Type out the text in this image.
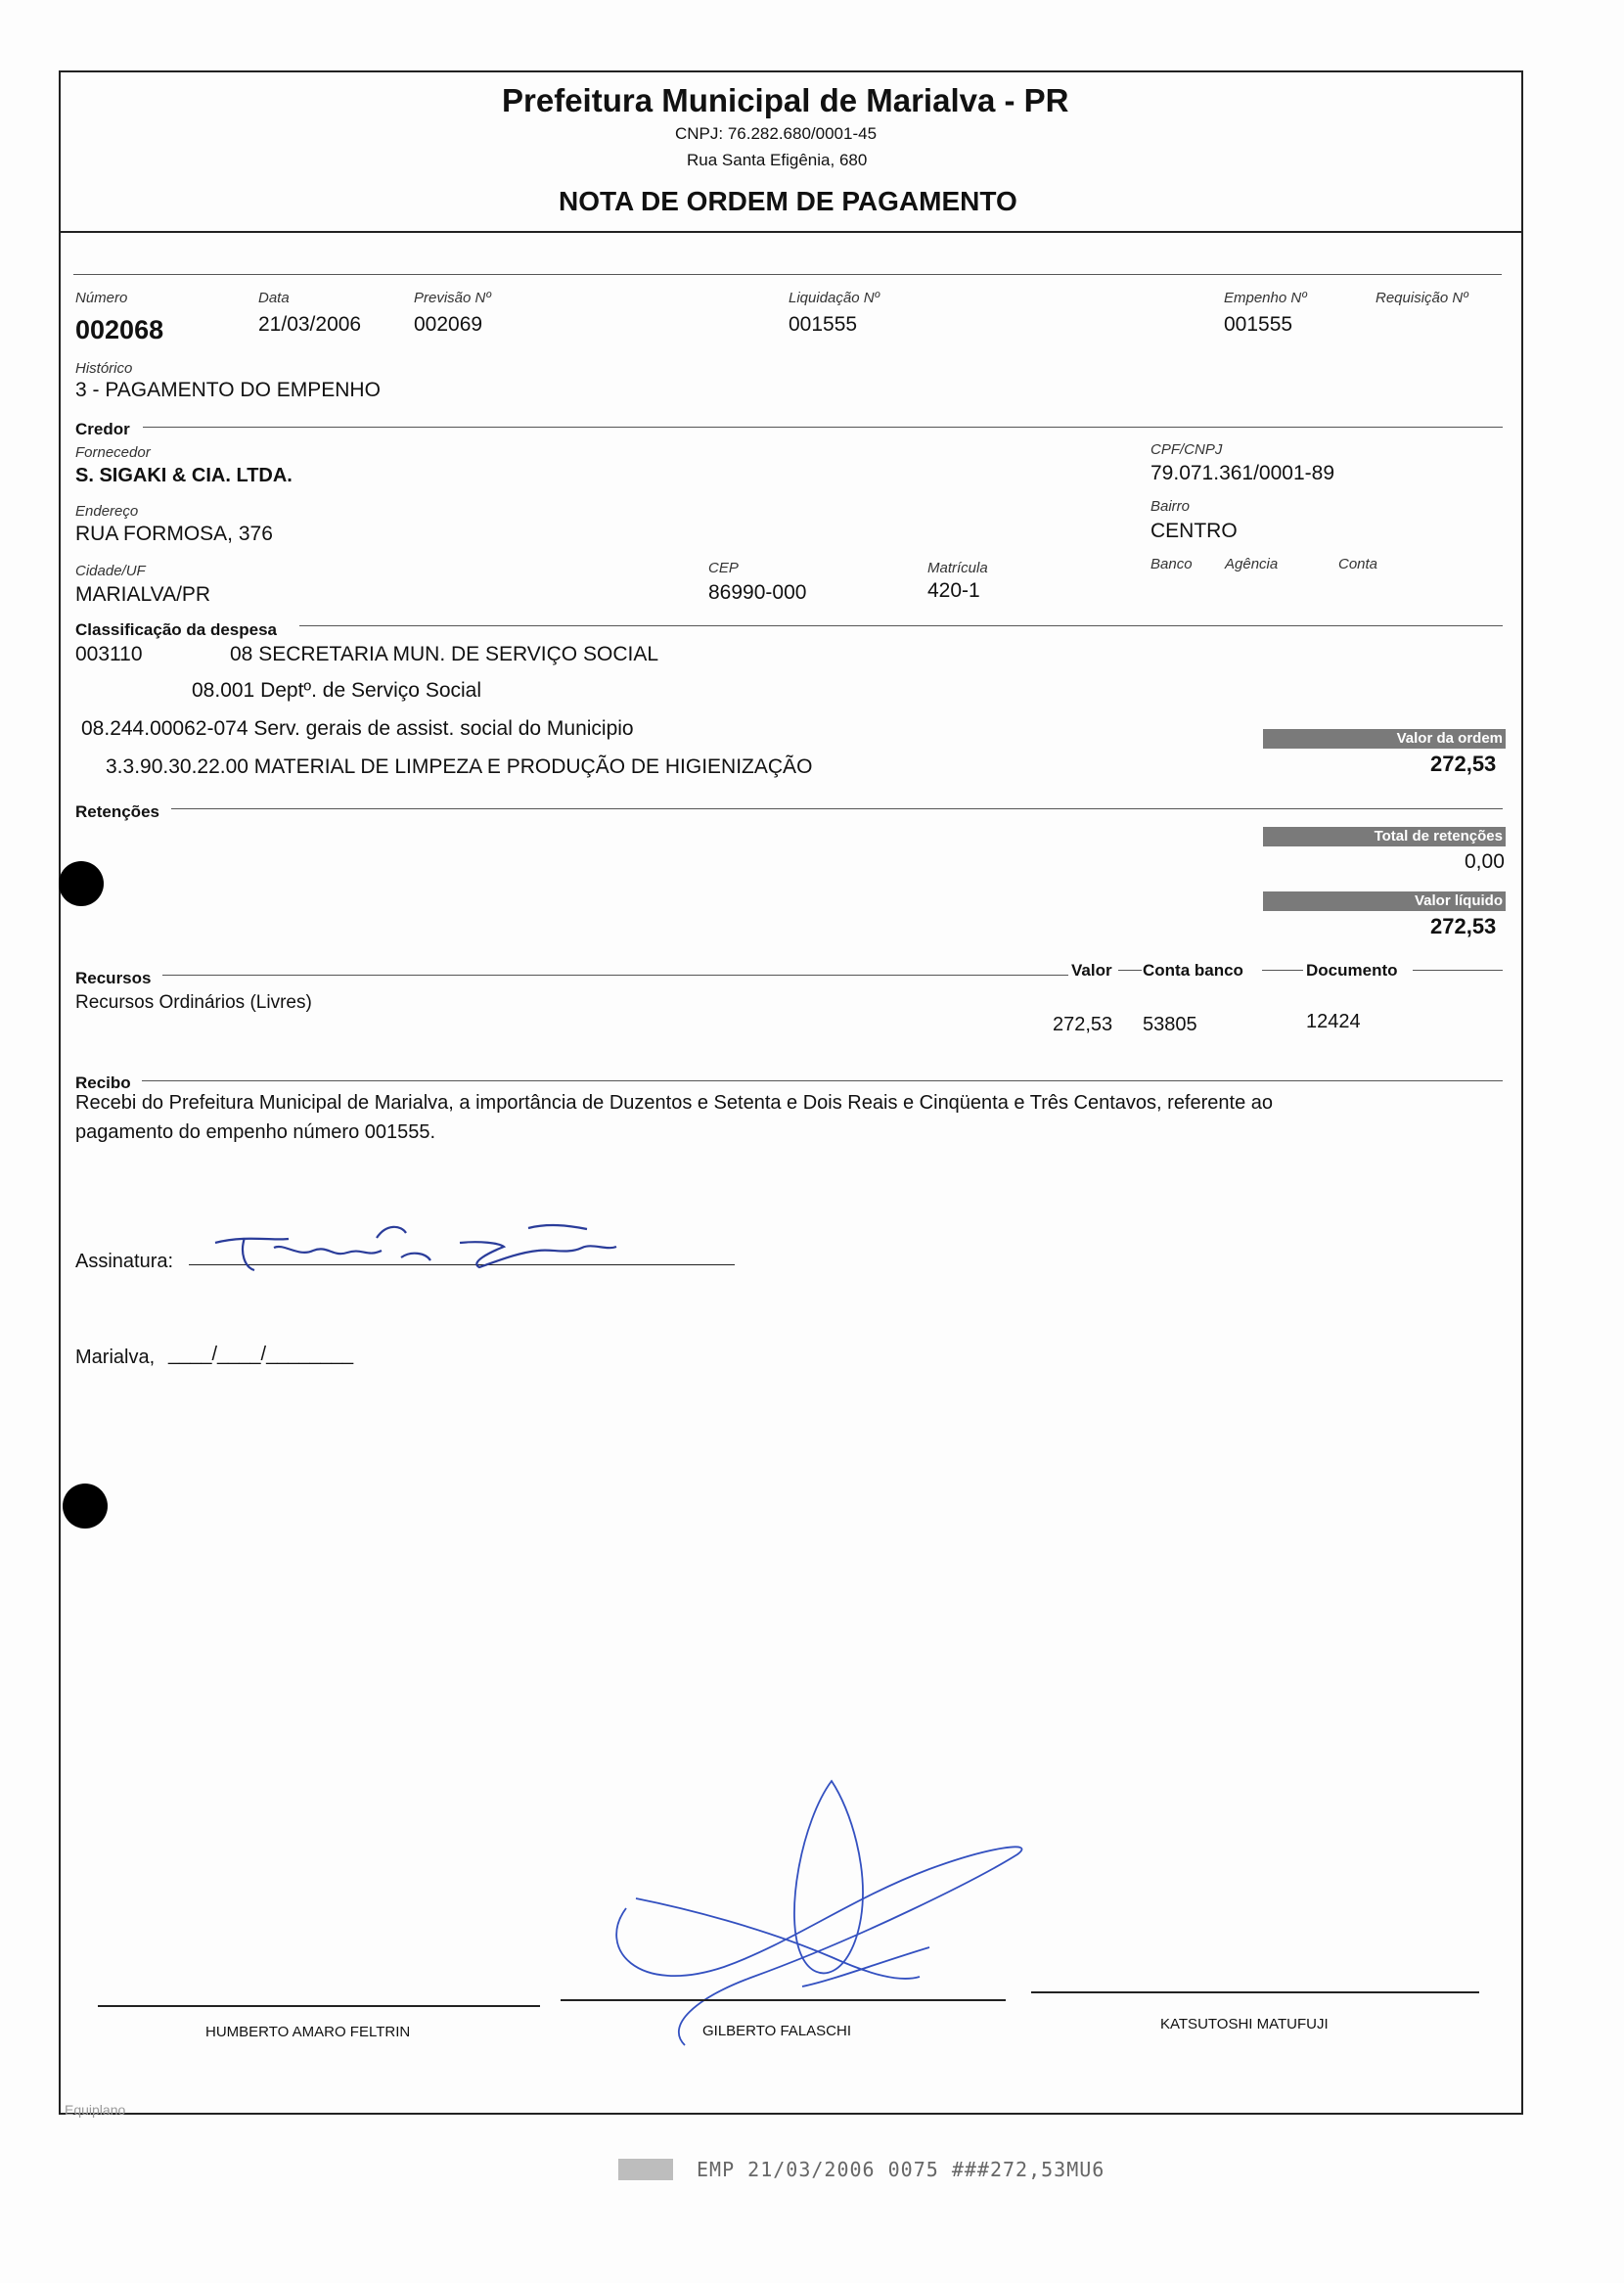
Prefeitura Municipal de Marialva - PR
CNPJ: 76.282.680/0001-45
Rua Santa Efigênia, 680
NOTA DE ORDEM DE PAGAMENTO
Número
002068
Data
21/03/2006
Previsão Nº
002069
Liquidação Nº
001555
Empenho Nº
001555
Requisição Nº
Histórico
3 - PAGAMENTO DO EMPENHO
Credor
Fornecedor
S. SIGAKI & CIA. LTDA.
CPF/CNPJ
79.071.361/0001-89
Endereço
RUA FORMOSA, 376
Bairro
CENTRO
Cidade/UF
MARIALVA/PR
CEP
86990-000
Matrícula
420-1
Banco Agência	Conta
Classificação da despesa
003110	08 SECRETARIA MUN. DE SERVIÇO SOCIAL
08.001 Deptº. de Serviço Social
08.244.00062-074 Serv. gerais de assist. social do Municipio
3.3.90.30.22.00 MATERIAL DE LIMPEZA E PRODUÇÃO DE HIGIENIZAÇÃO
Valor da ordem
272,53
Retenções
Total de retenções
0,00
Valor líquido
272,53
Recursos	Valor Conta banco	Documento
Recursos Ordinários (Livres)
272,53 53805	12424
Recibo
Recebi do Prefeitura Municipal de Marialva, a importância de Duzentos e Setenta e Dois Reais e Cinqüenta e Três Centavos, referente ao
pagamento do empenho número 001555.
Assinatura:
Marialva, ____/____/________
HUMBERTO AMARO FELTRIN	GILBERTO FALASCHI	KATSUTOSHI MATUFUJI
Equiplano
EMP 21/03/2006 0075 ###272,53MU6
